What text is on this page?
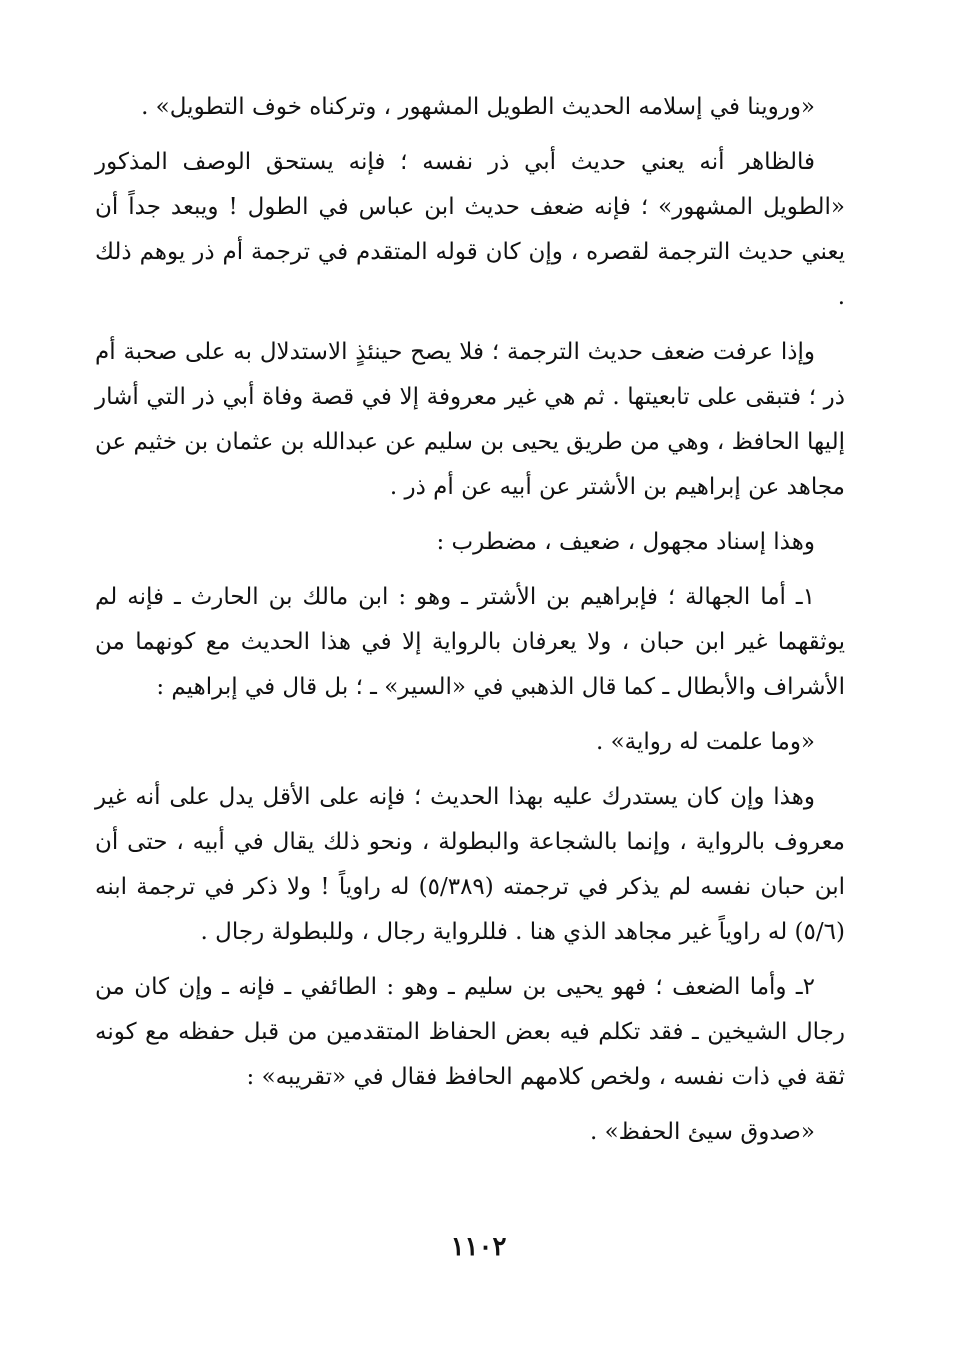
«وروينا في إسلامه الحديث الطويل المشهور ، وتركناه خوف التطويل» .

فالظاهر أنه يعني حديث أبي ذر نفسه ؛ فإنه يستحق الوصف المذكور «الطويل المشهور» ؛ فإنه ضعف حديث ابن عباس في الطول ! ويبعد جداً أن يعني حديث الترجمة لقصره ، وإن كان قوله المتقدم في ترجمة أم ذر يوهم ذلك .

وإذا عرفت ضعف حديث الترجمة ؛ فلا يصح حينئذٍ الاستدلال به على صحبة أم ذر ؛ فتبقى على تابعيتها . ثم هي غير معروفة إلا في قصة وفاة أبي ذر التي أشار إليها الحافظ ، وهي من طريق يحيى بن سليم عن عبدالله بن عثمان بن خثيم عن مجاهد عن إبراهيم بن الأشتر عن أبيه عن أم ذر .

وهذا إسناد مجهول ، ضعيف ، مضطرب :

١ـ أما الجهالة ؛ فإبراهيم بن الأشتر ـ وهو : ابن مالك بن الحارث ـ فإنه لم يوثقهما غير ابن حبان ، ولا يعرفان بالرواية إلا في هذا الحديث مع كونهما من الأشراف والأبطال ـ كما قال الذهبي في «السير» ـ ؛ بل قال في إبراهيم :

«وما علمت له رواية» .

وهذا وإن كان يستدرك عليه بهذا الحديث ؛ فإنه على الأقل يدل على أنه غير معروف بالرواية ، وإنما بالشجاعة والبطولة ، ونحو ذلك يقال في أبيه ، حتى أن ابن حبان نفسه لم يذكر في ترجمته (٥/٣٨٩) له راوياً ! ولا ذكر في ترجمة ابنه (٥/٦) له راوياً غير مجاهد الذي هنا . فللرواية رجال ، وللبطولة رجال .

٢ـ وأما الضعف ؛ فهو يحيى بن سليم ـ وهو : الطائفي ـ فإنه ـ وإن كان من رجال الشيخين ـ فقد تكلم فيه بعض الحفاظ المتقدمين من قبل حفظه مع كونه ثقة في ذات نفسه ، ولخص كلامهم الحافظ فقال في «تقريبه» :

«صدوق سيئ الحفظ» .

١١٠٢
